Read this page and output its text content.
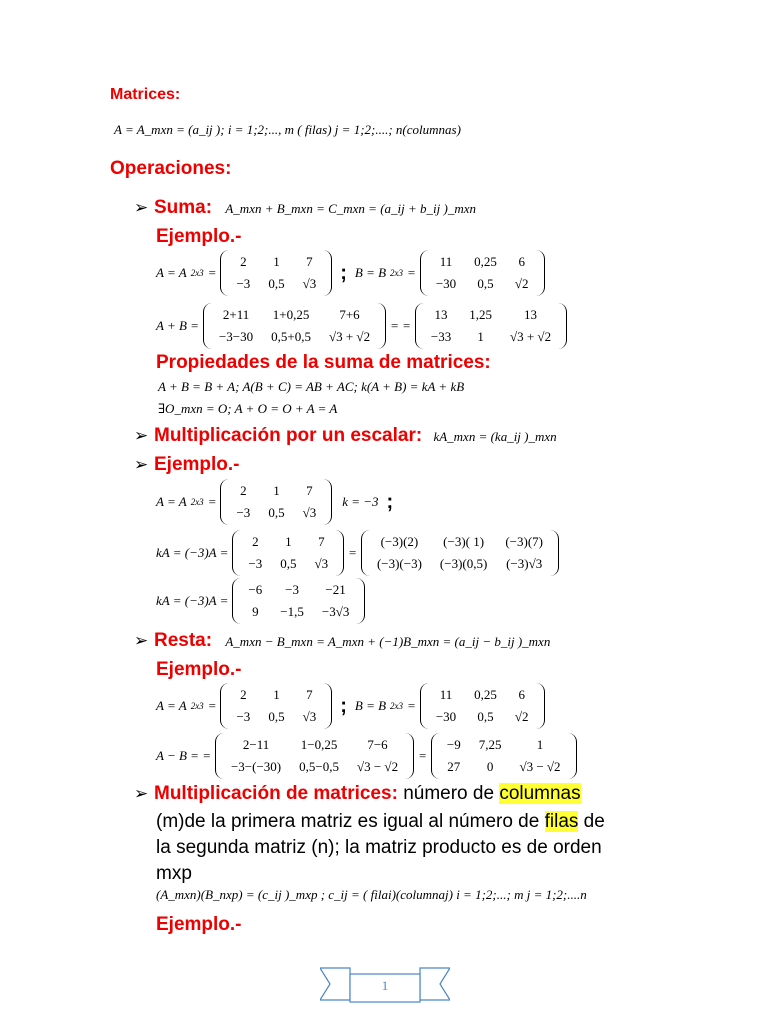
Matrices:
A = A_mxn = (a_ij ); i = 1;2;..., m ( filas) j = 1;2;....; n(columnas)
Operaciones:
➢ Suma: A_mxn + B_mxn = C_mxn = (a_ij + b_ij )_mxn
Ejemplo.-
A = A 2x3 =
2	1	7
−3	0,5	√3 ; B = B 2x3 =
11	0,25	6
−30	0,5	√2
A + B =
2+11	1+0,25	7+6
−3−30	0,5+0,5	√3 + √2
= =
13	1,25	13
−33	1	√3 + √2
Propiedades de la suma de matrices:
A + B = B + A; A(B + C) = AB + AC; k(A + B) = kA + kB
∃O_mxn = O; A + O = O + A = A
➢ Multiplicación por un escalar: kA_mxn = (ka_ij )_mxn
➢ Ejemplo.-
A = A 2x3 =
2	1	7
−3	0,5	√3
k = −3 ;
kA = (−3)A =
2	1	7
−3	0,5	√3
=
(−3)(2)	(−3)( 1)	(−3)(7)
(−3)(−3)	(−3)(0,5)	(−3)√3
kA = (−3)A =
−6	−3	−21
9	−1,5	−3√3
➢ Resta: A_mxn − B_mxn = A_mxn + (−1)B_mxn = (a_ij − b_ij )_mxn
Ejemplo.-
A = A 2x3 =
2	1	7
−3	0,5	√3 ; B = B 2x3 =
11	0,25	6
−30	0,5	√2
A − B = =
2−11	1−0,25	7−6
−3−(−30)	0,5−0,5	√3 − √2
=
−9	7,25	1
27	0	√3 − √2
➢ Multiplicación de matrices: número de columnas
(m)de la primera matriz es igual al número de filas de
la segunda matriz (n); la matriz producto es de orden
mxp
(A_mxn)(B_nxp) = (c_ij )_mxp ; c_ij = ( filai)(columnaj) i = 1;2;...; m j = 1;2;....n
Ejemplo.-
1
